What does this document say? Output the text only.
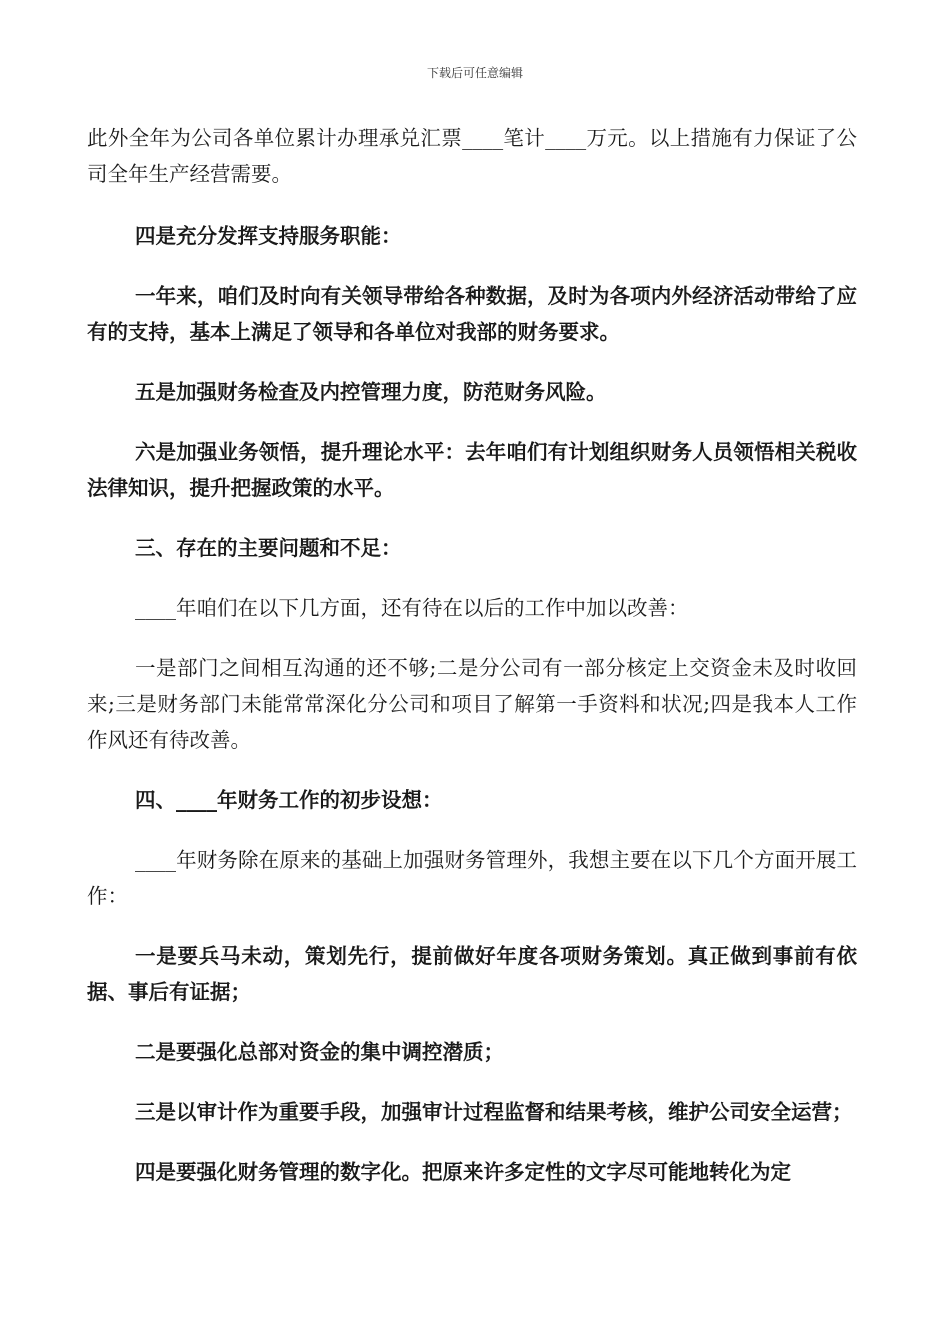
下载后可任意编辑

此外全年为公司各单位累计办理承兑汇票____笔计____万元。以上措施有力保证了公司全年生产经营需要。

四是充分发挥支持服务职能：

一年来，咱们及时向有关领导带给各种数据，及时为各项内外经济活动带给了应有的支持，基本上满足了领导和各单位对我部的财务要求。

五是加强财务检查及内控管理力度，防范财务风险。

六是加强业务领悟，提升理论水平：去年咱们有计划组织财务人员领悟相关税收法律知识，提升把握政策的水平。

三、存在的主要问题和不足：

____年咱们在以下几方面，还有待在以后的工作中加以改善：

一是部门之间相互沟通的还不够;二是分公司有一部分核定上交资金未及时收回来;三是财务部门未能常常深化分公司和项目了解第一手资料和状况;四是我本人工作作风还有待改善。

四、____年财务工作的初步设想：

____年财务除在原来的基础上加强财务管理外，我想主要在以下几个方面开展工作：

一是要兵马未动，策划先行，提前做好年度各项财务策划。真正做到事前有依据、事后有证据；

二是要强化总部对资金的集中调控潜质；

三是以审计作为重要手段，加强审计过程监督和结果考核，维护公司安全运营；

四是要强化财务管理的数字化。把原来许多定性的文字尽可能地转化为定
